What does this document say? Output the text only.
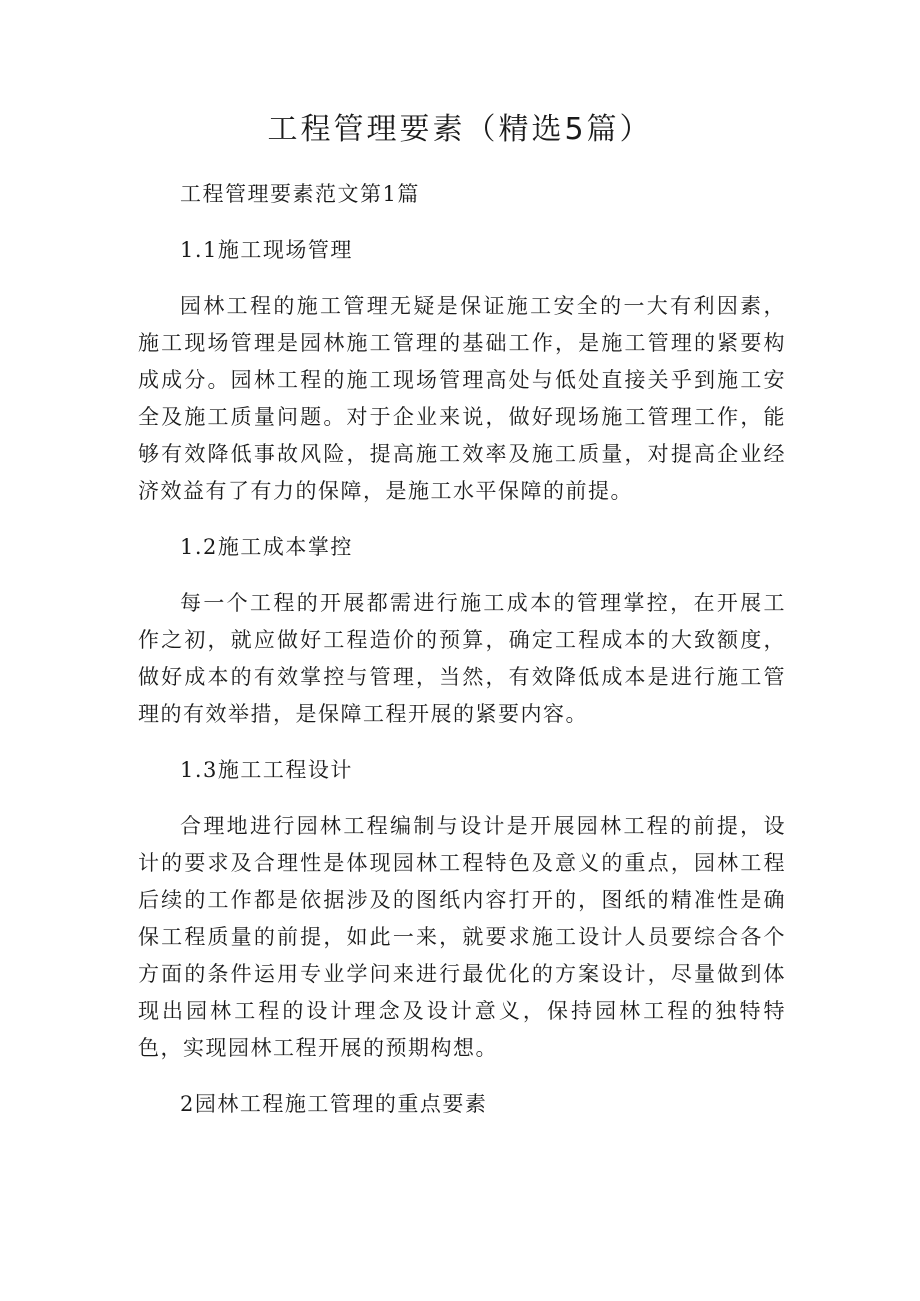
工程管理要素（精选5篇）

工程管理要素范文第1篇

1.1施工现场管理

园林工程的施工管理无疑是保证施工安全的一大有利因素，施工现场管理是园林施工管理的基础工作，是施工管理的紧要构成成分。园林工程的施工现场管理高处与低处直接关乎到施工安全及施工质量问题。对于企业来说，做好现场施工管理工作，能够有效降低事故风险，提高施工效率及施工质量，对提高企业经济效益有了有力的保障，是施工水平保障的前提。

1.2施工成本掌控

每一个工程的开展都需进行施工成本的管理掌控，在开展工作之初，就应做好工程造价的预算，确定工程成本的大致额度，做好成本的有效掌控与管理，当然，有效降低成本是进行施工管理的有效举措，是保障工程开展的紧要内容。

1.3施工工程设计

合理地进行园林工程编制与设计是开展园林工程的前提，设计的要求及合理性是体现园林工程特色及意义的重点，园林工程后续的工作都是依据涉及的图纸内容打开的，图纸的精准性是确保工程质量的前提，如此一来，就要求施工设计人员要综合各个方面的条件运用专业学问来进行最优化的方案设计，尽量做到体现出园林工程的设计理念及设计意义，保持园林工程的独特特色，实现园林工程开展的预期构想。

2园林工程施工管理的重点要素
